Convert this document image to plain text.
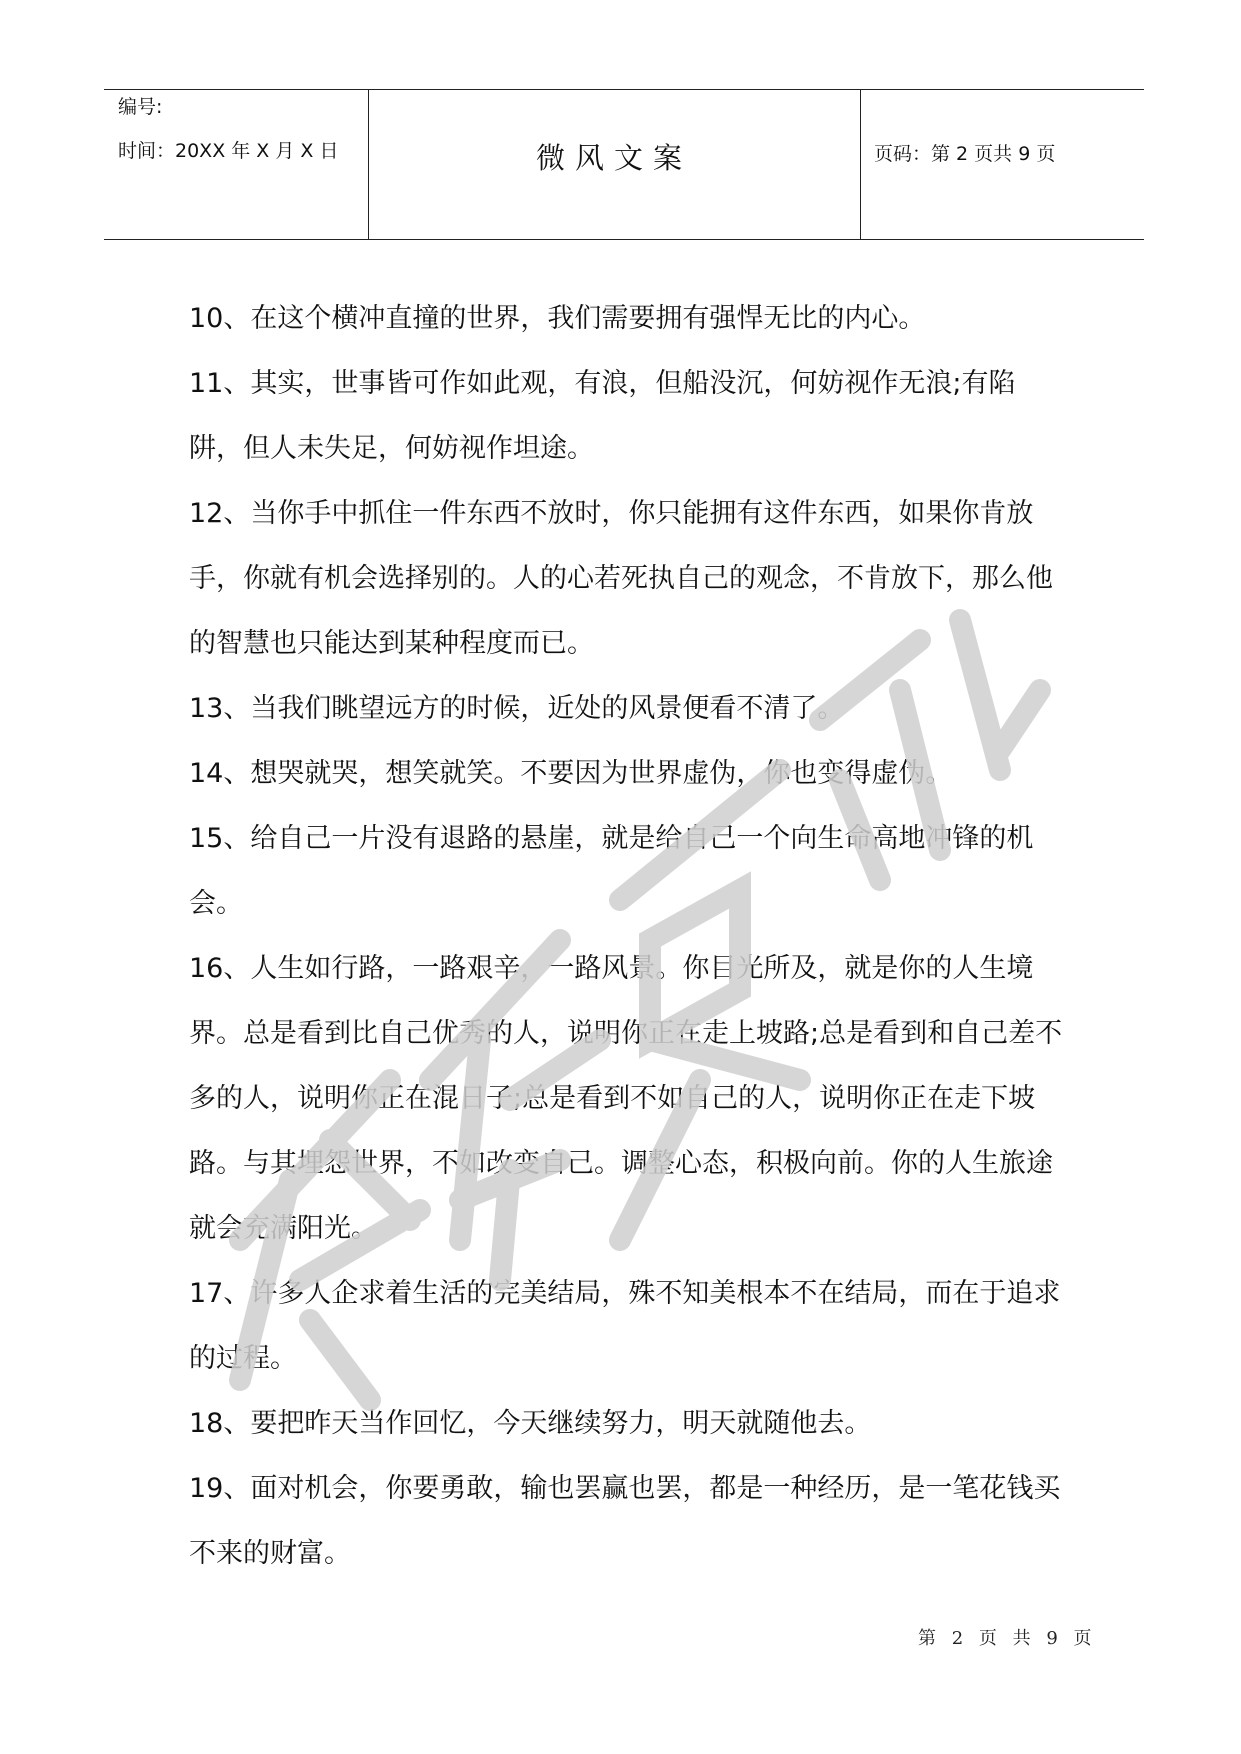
编号:
时间：20XX 年 X 月 X 日	微风文案	页码：第 2 页共 9 页

10、在这个横冲直撞的世界，我们需要拥有强悍无比的内心。

11、其实，世事皆可作如此观，有浪，但船没沉，何妨视作无浪;有陷阱，但人未失足，何妨视作坦途。

12、当你手中抓住一件东西不放时，你只能拥有这件东西，如果你肯放手，你就有机会选择别的。人的心若死执自己的观念，不肯放下，那么他的智慧也只能达到某种程度而已。

13、当我们眺望远方的时候，近处的风景便看不清了。

14、想哭就哭，想笑就笑。不要因为世界虚伪，你也变得虚伪。

15、给自己一片没有退路的悬崖，就是给自己一个向生命高地冲锋的机会。

16、人生如行路，一路艰辛，一路风景。你目光所及，就是你的人生境界。总是看到比自己优秀的人，说明你正在走上坡路;总是看到和自己差不多的人，说明你正在混日子;总是看到不如自己的人，说明你正在走下坡路。与其埋怨世界，不如改变自己。调整心态，积极向前。你的人生旅途就会充满阳光。

17、许多人企求着生活的完美结局，殊不知美根本不在结局，而在于追求的过程。

18、要把昨天当作回忆，今天继续努力，明天就随他去。

19、面对机会，你要勇敢，输也罢赢也罢，都是一种经历，是一笔花钱买不来的财富。

第 2 页 共 9 页
